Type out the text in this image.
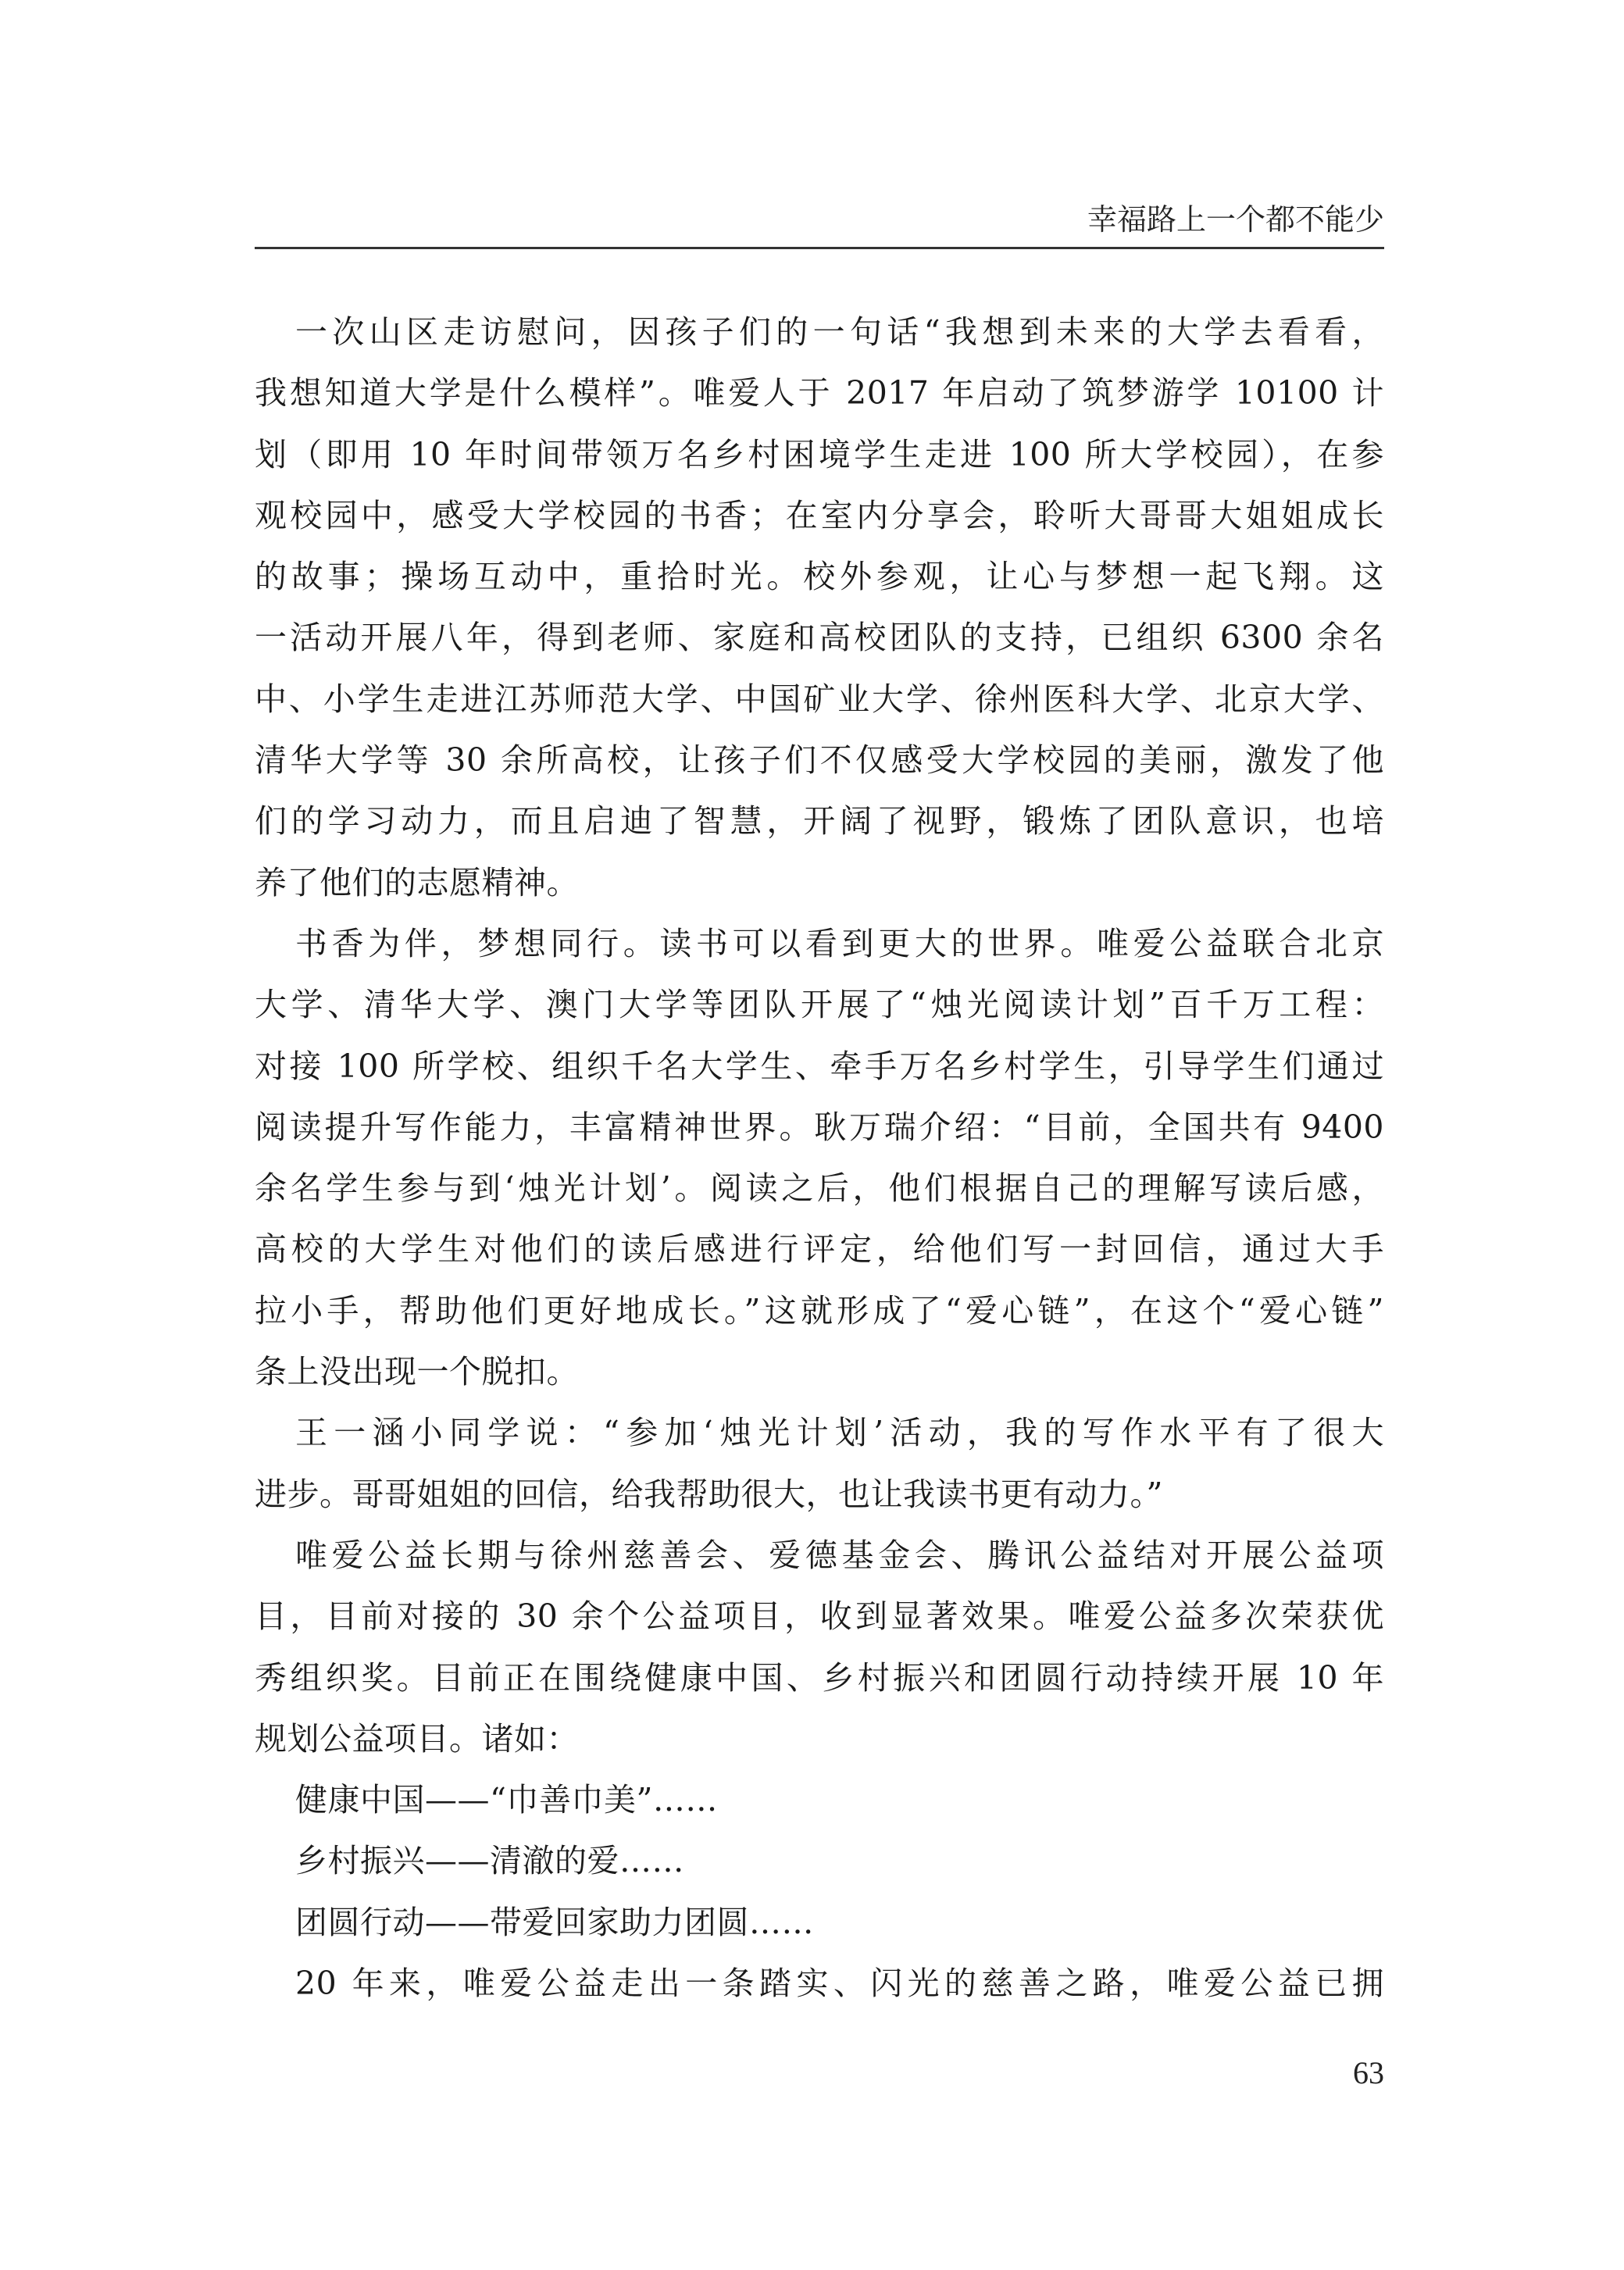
幸福路上一个都不能少
一次山区走访慰问，因孩子们的一句话“我想到未来的大学去看看，
我想知道大学是什么模样”。唯爱人于 2017 年启动了筑梦游学 10100 计
划（即用 10 年时间带领万名乡村困境学生走进 100 所大学校园），在参
观校园中，感受大学校园的书香；在室内分享会，聆听大哥哥大姐姐成长
的故事；操场互动中，重拾时光。校外参观，让心与梦想一起飞翔。这
一活动开展八年，得到老师、家庭和高校团队的支持，已组织 6300 余名
中、小学生走进江苏师范大学、中国矿业大学、徐州医科大学、北京大学、
清华大学等 30 余所高校，让孩子们不仅感受大学校园的美丽，激发了他
们的学习动力，而且启迪了智慧，开阔了视野，锻炼了团队意识，也培
养了他们的志愿精神。
书香为伴，梦想同行。读书可以看到更大的世界。唯爱公益联合北京
大学、清华大学、澳门大学等团队开展了“烛光阅读计划”百千万工程：
对接 100 所学校、组织千名大学生、牵手万名乡村学生，引导学生们通过
阅读提升写作能力，丰富精神世界。耿万瑞介绍：“目前，全国共有 9400
余名学生参与到‘烛光计划’。阅读之后，他们根据自己的理解写读后感，
高校的大学生对他们的读后感进行评定，给他们写一封回信，通过大手
拉小手，帮助他们更好地成长。”这就形成了“爱心链”，在这个“爱心链”
条上没出现一个脱扣。
王一涵小同学说：“参加‘烛光计划’活动，我的写作水平有了很大
进步。哥哥姐姐的回信，给我帮助很大，也让我读书更有动力。”
唯爱公益长期与徐州慈善会、爱德基金会、腾讯公益结对开展公益项
目，目前对接的 30 余个公益项目，收到显著效果。唯爱公益多次荣获优
秀组织奖。目前正在围绕健康中国、乡村振兴和团圆行动持续开展 10 年
规划公益项目。诸如：
健康中国——“巾善巾美”……
乡村振兴——清澈的爱……
团圆行动——带爱回家助力团圆……
20 年来，唯爱公益走出一条踏实、闪光的慈善之路，唯爱公益已拥
63
